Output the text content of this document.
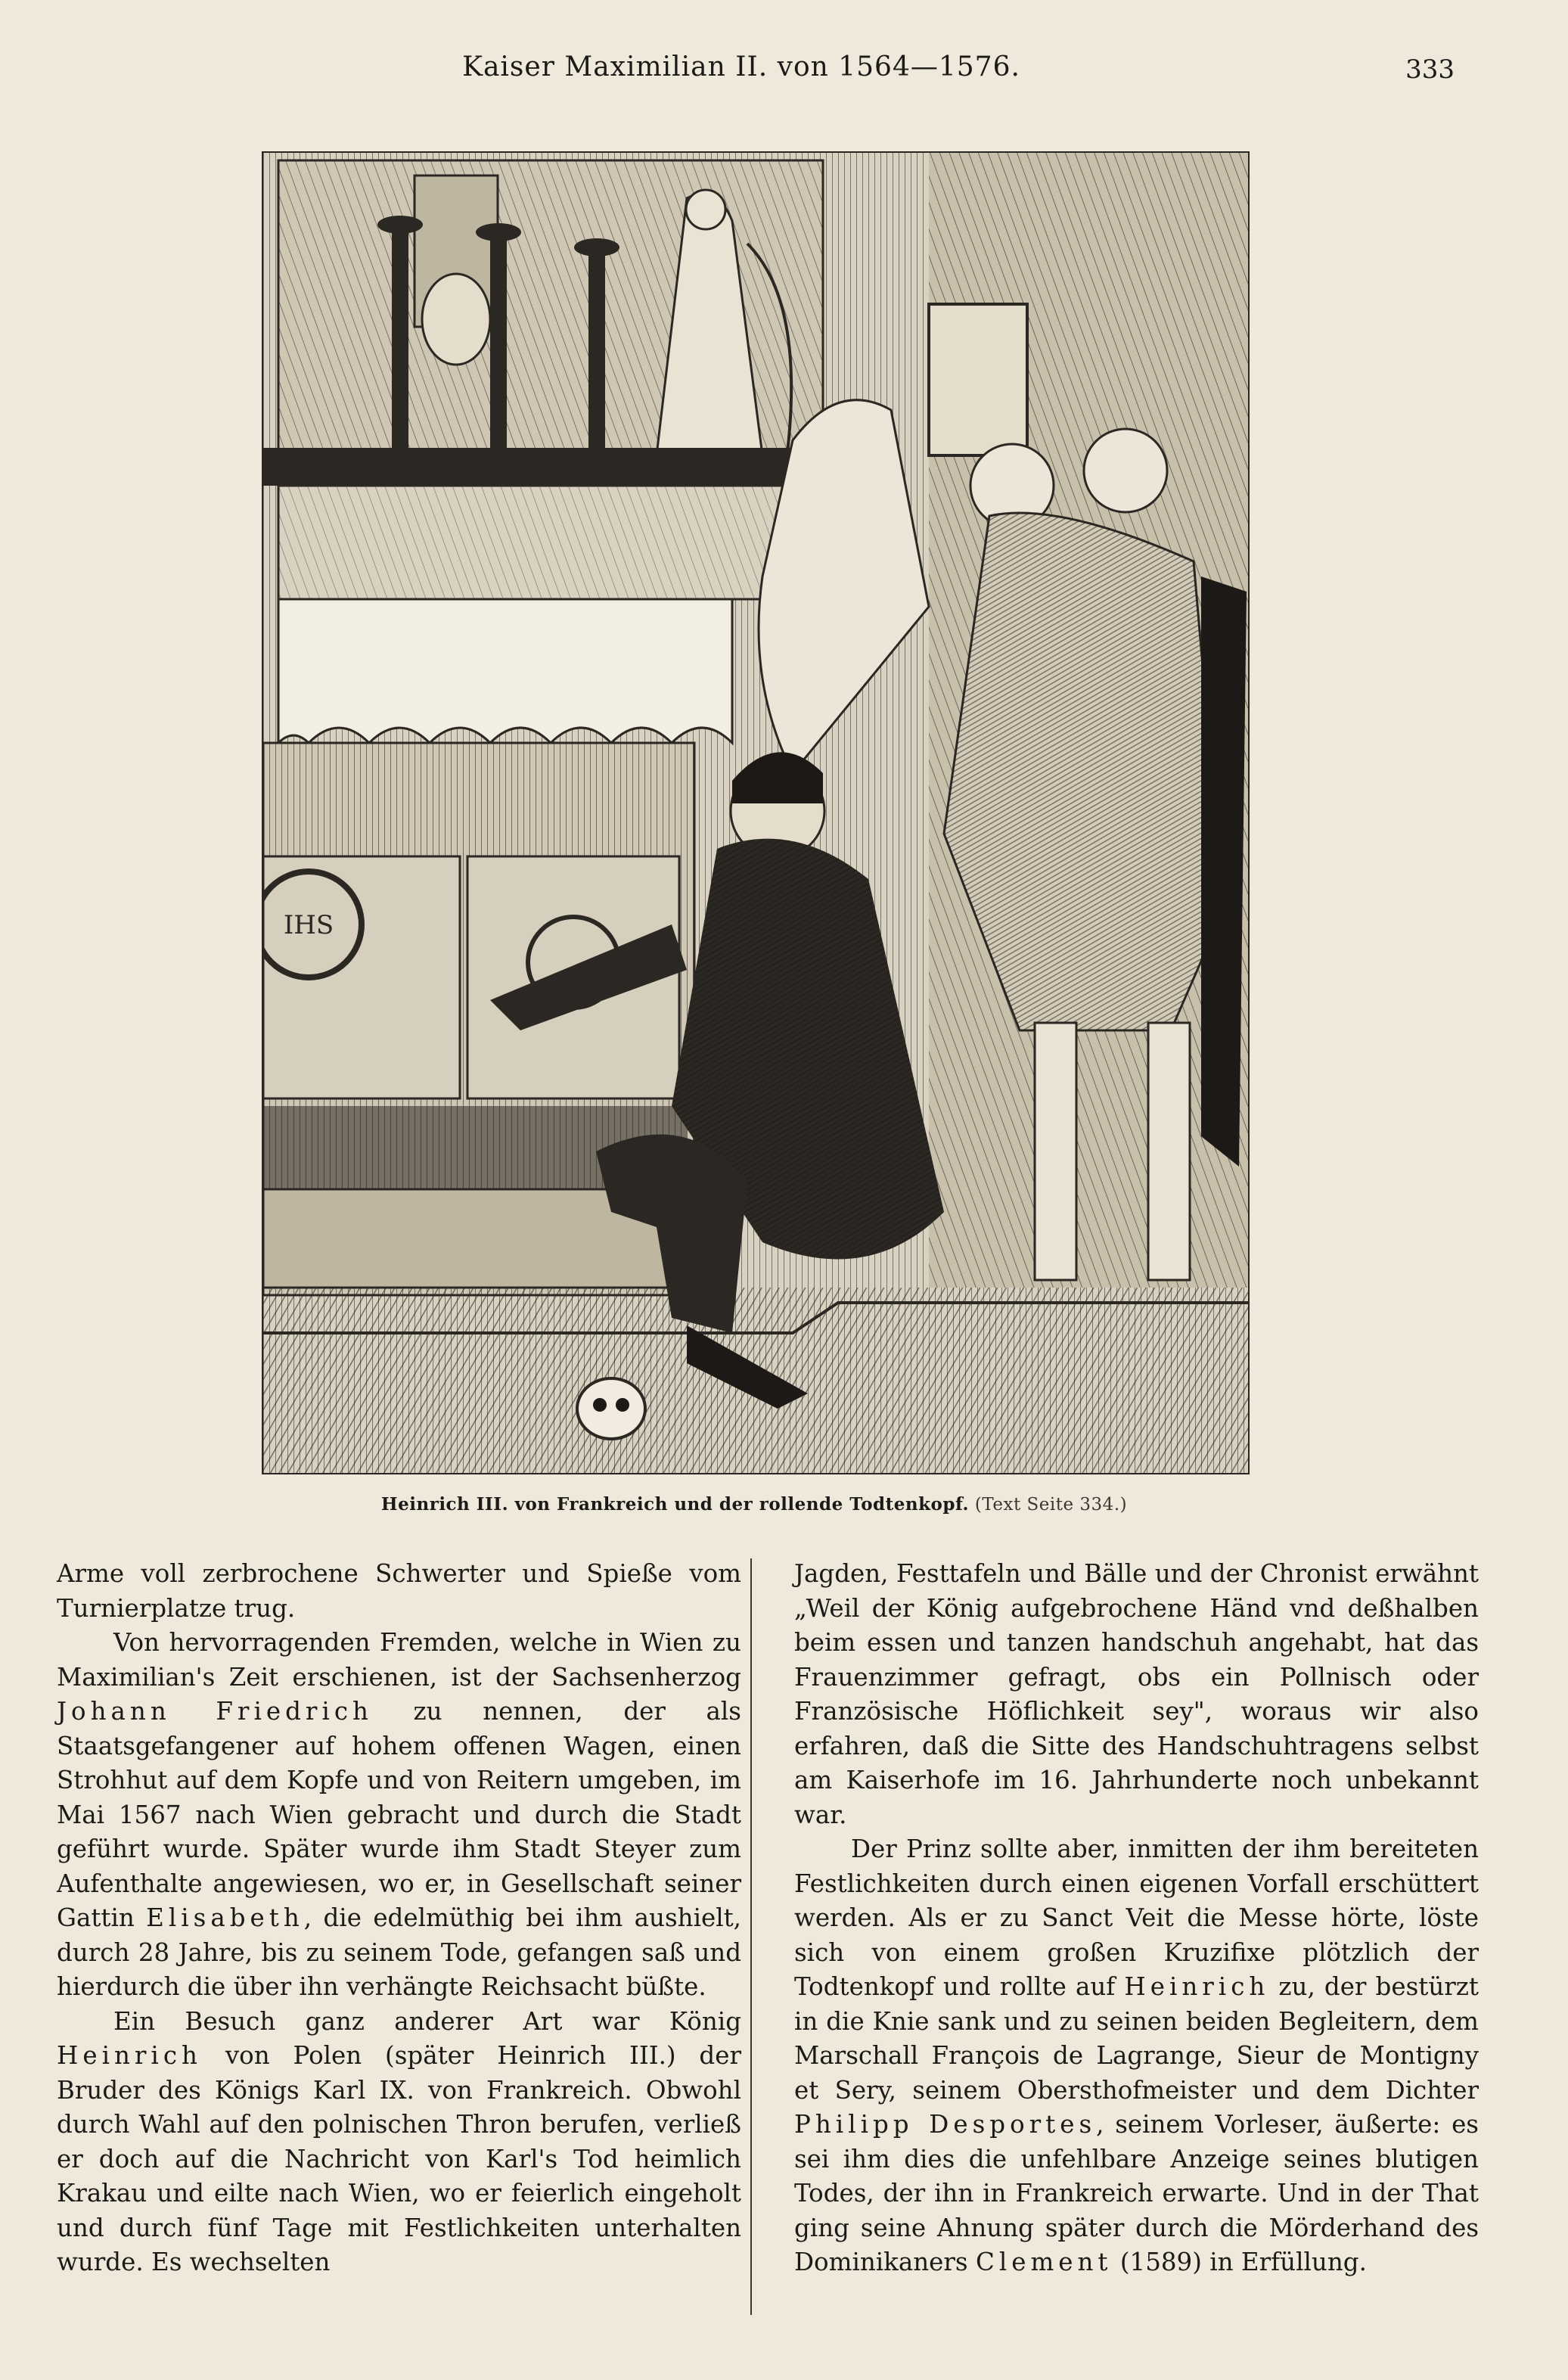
Kaiser Maximilian II. von 1564—1576.	333
IHS
Heinrich III. von Frankreich und der rollende Todtenkopf. (Text Seite 334.)

Arme voll zerbrochene Schwerter und Spieße vom Turnierplatze trug.

Von hervorragenden Fremden, welche in Wien zu Maximilian's Zeit erschienen, ist der Sachsenherzog Johann Friedrich zu nennen, der als Staatsgefangener auf hohem offenen Wagen, einen Strohhut auf dem Kopfe und von Reitern umgeben, im Mai 1567 nach Wien gebracht und durch die Stadt geführt wurde. Später wurde ihm Stadt Steyer zum Aufenthalte angewiesen, wo er, in Gesellschaft seiner Gattin Elisabeth, die edelmüthig bei ihm aushielt, durch 28 Jahre, bis zu seinem Tode, gefangen saß und hierdurch die über ihn verhängte Reichsacht büßte.

Ein Besuch ganz anderer Art war König Heinrich von Polen (später Heinrich III.) der Bruder des Königs Karl IX. von Frankreich. Obwohl durch Wahl auf den polnischen Thron berufen, verließ er doch auf die Nachricht von Karl's Tod heimlich Krakau und eilte nach Wien, wo er feierlich eingeholt und durch fünf Tage mit Festlichkeiten unterhalten wurde. Es wechselten

Jagden, Festtafeln und Bälle und der Chronist erwähnt „Weil der König aufgebrochene Händ vnd deßhalben beim essen und tanzen handschuh angehabt, hat das Frauenzimmer gefragt, obs ein Pollnisch oder Französische Höflichkeit sey", woraus wir also erfahren, daß die Sitte des Handschuhtragens selbst am Kaiserhofe im 16. Jahrhunderte noch unbekannt war.

Der Prinz sollte aber, inmitten der ihm bereiteten Festlichkeiten durch einen eigenen Vorfall erschüttert werden. Als er zu Sanct Veit die Messe hörte, löste sich von einem großen Kruzifixe plötzlich der Todtenkopf und rollte auf Heinrich zu, der bestürzt in die Knie sank und zu seinen beiden Begleitern, dem Marschall François de Lagrange, Sieur de Montigny et Sery, seinem Obersthofmeister und dem Dichter Philipp Desportes, seinem Vorleser, äußerte: es sei ihm dies die unfehlbare Anzeige seines blutigen Todes, der ihn in Frankreich erwarte. Und in der That ging seine Ahnung später durch die Mörderhand des Dominikaners Clement (1589) in Erfüllung.
